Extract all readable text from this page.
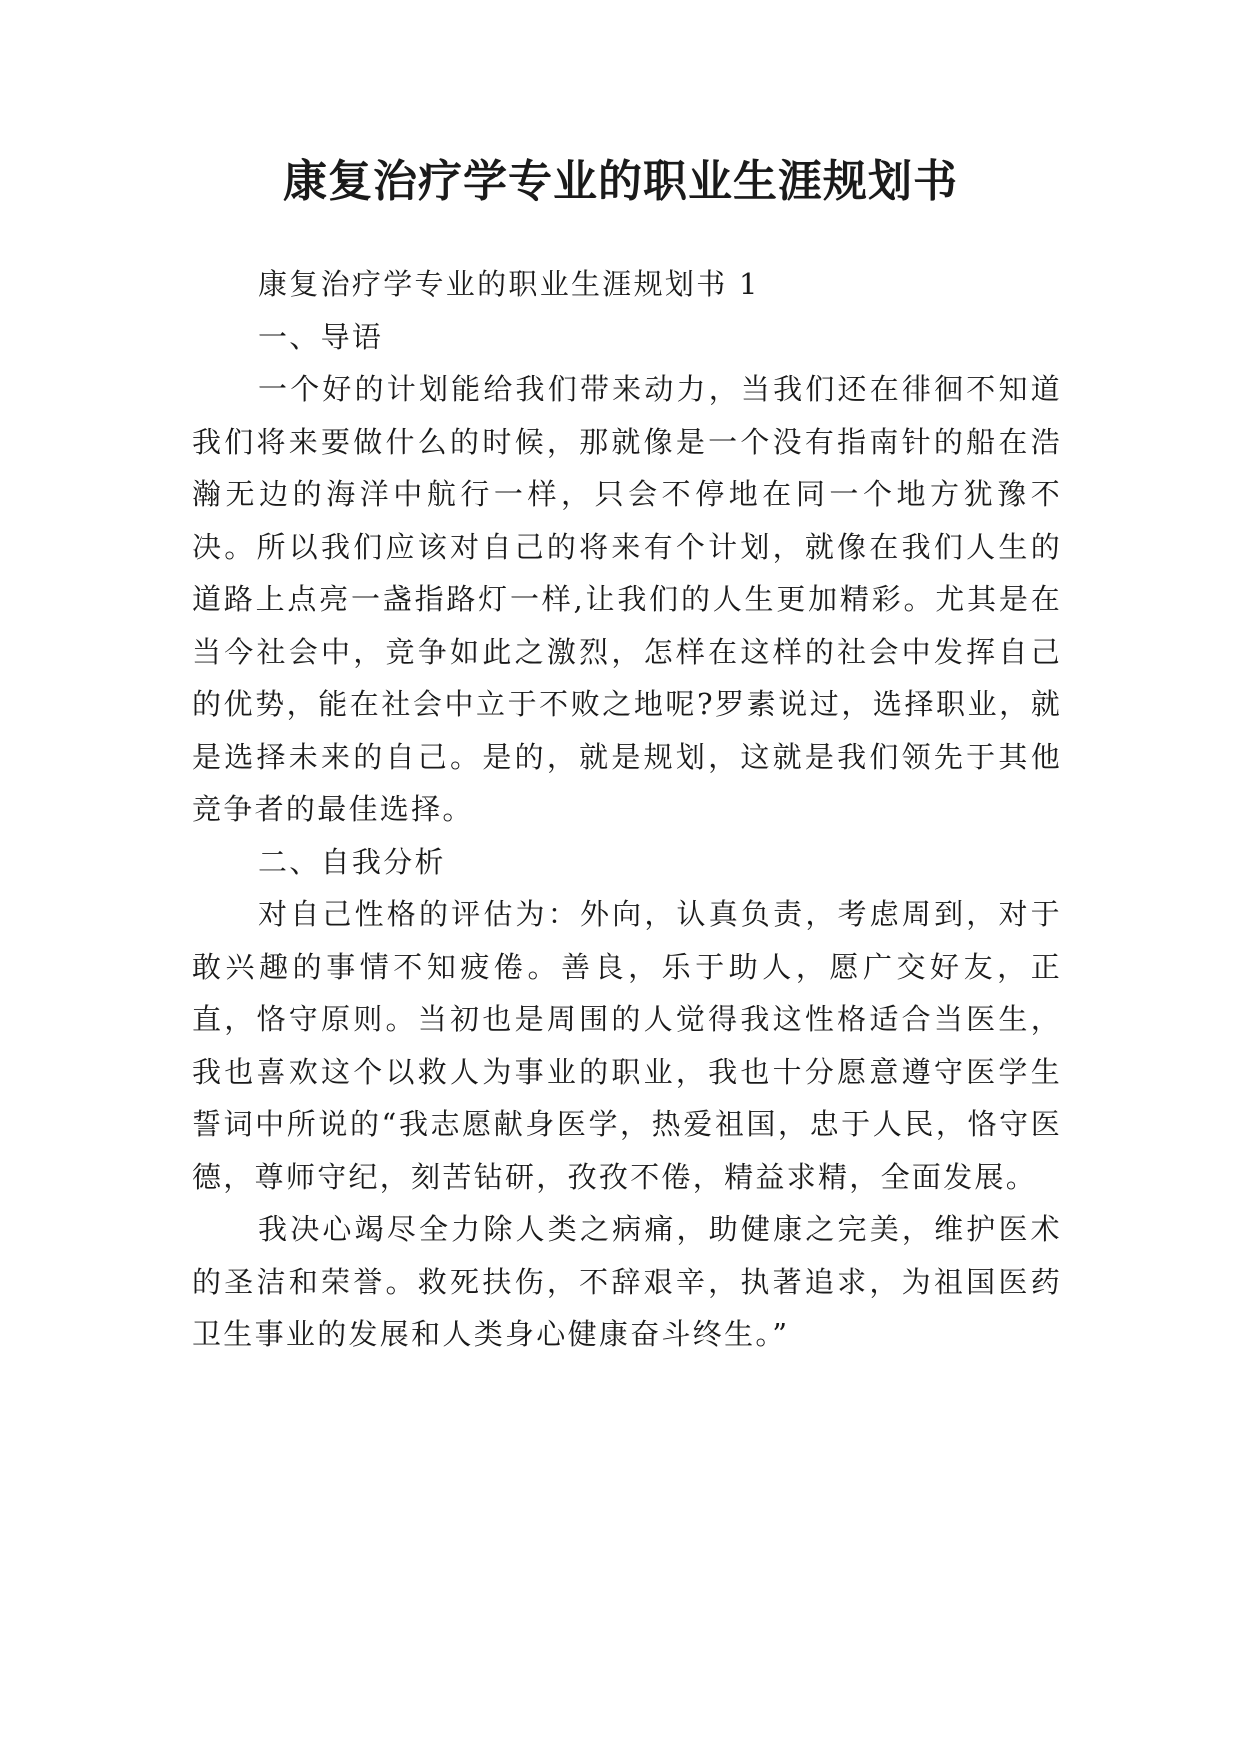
康复治疗学专业的职业生涯规划书

康复治疗学专业的职业生涯规划书 1

一、导语

一个好的计划能给我们带来动力，当我们还在徘徊不知道我们将来要做什么的时候，那就像是一个没有指南针的船在浩瀚无边的海洋中航行一样，只会不停地在同一个地方犹豫不决。所以我们应该对自己的将来有个计划，就像在我们人生的道路上点亮一盏指路灯一样,让我们的人生更加精彩。尤其是在当今社会中，竞争如此之激烈，怎样在这样的社会中发挥自己的优势，能在社会中立于不败之地呢?罗素说过，选择职业，就是选择未来的自己。是的，就是规划，这就是我们领先于其他竞争者的最佳选择。

二、自我分析

对自己性格的评估为：外向，认真负责，考虑周到，对于敢兴趣的事情不知疲倦。善良，乐于助人，愿广交好友，正直，恪守原则。当初也是周围的人觉得我这性格适合当医生，我也喜欢这个以救人为事业的职业，我也十分愿意遵守医学生誓词中所说的“我志愿献身医学，热爱祖国，忠于人民，恪守医德，尊师守纪，刻苦钻研，孜孜不倦，精益求精，全面发展。

我决心竭尽全力除人类之病痛，助健康之完美，维护医术的圣洁和荣誉。救死扶伤，不辞艰辛，执著追求，为祖国医药卫生事业的发展和人类身心健康奋斗终生。”
